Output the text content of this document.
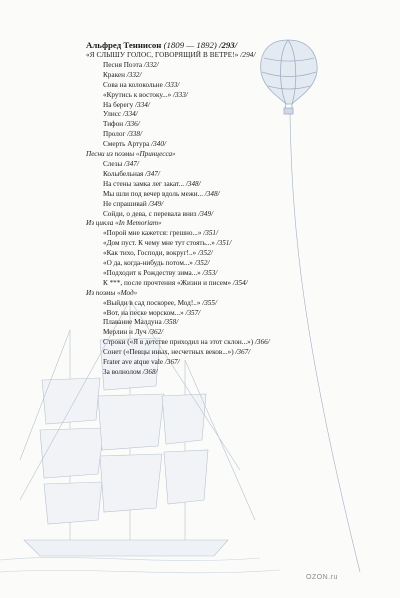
Альфред Теннисон (1809 — 1892) /293/
«Я СЛЫШУ ГОЛОС, ГОВОРЯЩИЙ В ВЕТРЕ!» /294/
Песня Поэта /332/
Кракен /332/
Сова на колокольне /333/
«Крутись к востоку...» /333/
На берегу /334/
Улисс /334/
Тифон /336/
Пролог /338/
Смерть Артура /340/
Песни из поэмы «Принцесса»
Слезы /347/
Колыбельная /347/
На стены замка лег закат... /348/
Мы шли под вечер вдоль межи... /348/
Не спрашивай /349/
Сойди, о дева, с перевала вниз /349/
Из цикла «In Memoriam»
«Порой мне кажется: грешно...» /351/
«Дом пуст. К чему мне тут стоять...» /351/
«Как тихо, Господи, вокруг!..» /352/
«О да, когда-нибудь потом...» /352/
«Подходит к Рождеству зима...» /353/
К ***, после прочтения «Жизни и писем» /354/
Из поэмы «Мод»
«Выйди в сад поскорее, Мод!..» /355/
«Вот, на песке морском...» /357/
Плавание Малдуна /358/
Мерлин и Луч /362/
Строки («Я в детстве приходил на этот склон...») /366/
Сонет («Певцы иных, несчетных веков...») /367/
Frater ave atque vale /367/
За волнолом /368/
OZON.ru
